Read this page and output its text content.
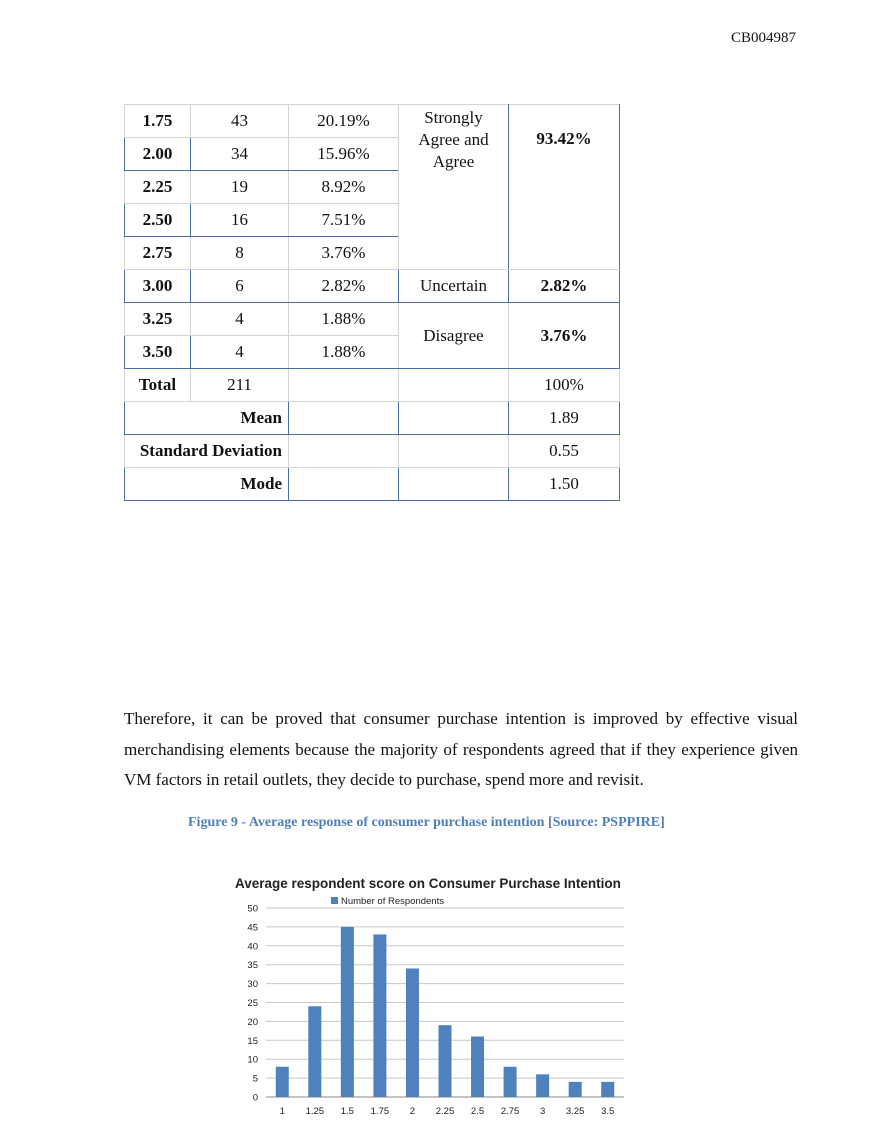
CB004987
1.75	43	20.19%	Strongly Agree and Agree	93.42%
2.00	34	15.96%		
2.25	19	8.92%		
2.50	16	7.51%		
2.75	8	3.76%		
3.00	6	2.82%	Uncertain	2.82%
3.25	4	1.88%	Disagree	3.76%
3.50	4	1.88%		
Total	211			100%
Mean				1.89
Standard Deviation				0.55
Mode				1.50
Therefore, it can be proved that consumer purchase intention is improved by effective visual merchandising elements because the majority of respondents agreed that if they experience given VM factors in retail outlets, they decide to purchase, spend more and revisit.
Figure 9 - Average response of consumer purchase intention [Source: PSPPIRE]
Average respondent score on Consumer Purchase Intention
Number of Respondents
0
5
10
15
20
25
30
35
40
45
50
1 1.25 1.5 1.75 2 2.25 2.5 2.75 3 3.25 3.5
